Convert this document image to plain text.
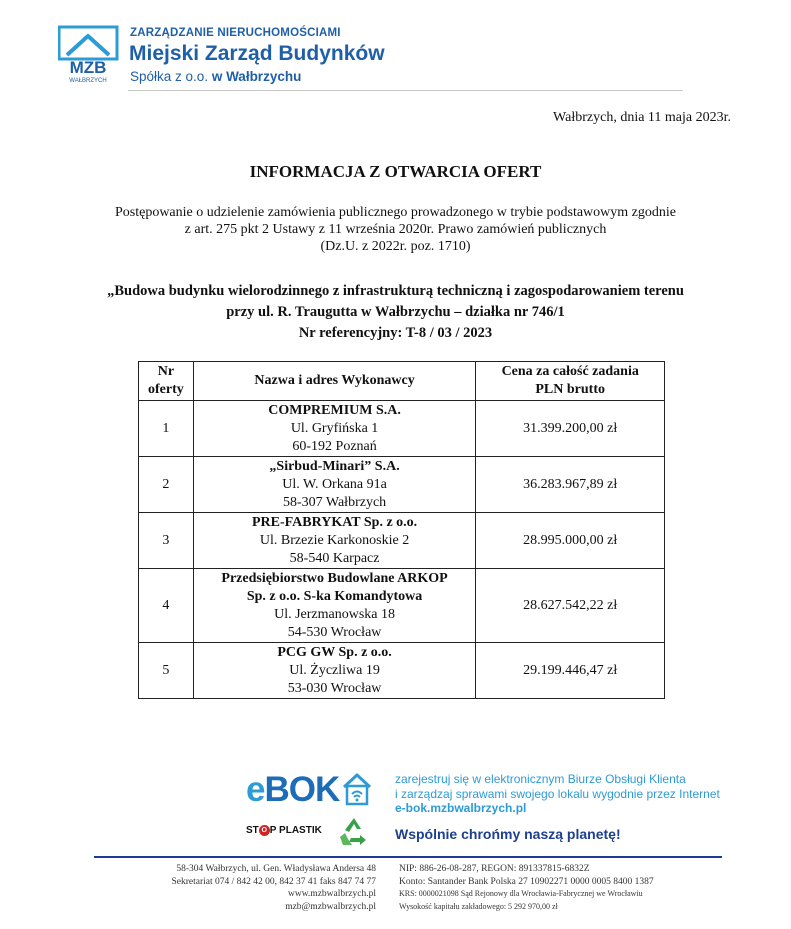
MZB
WAŁBRZYCH
ZARZĄDZANIE NIERUCHOMOŚCIAMI
Miejski Zarząd Budynków
Spółka z o.o. w Wałbrzychu
Wałbrzych, dnia 11 maja 2023r.
INFORMACJA Z OTWARCIA OFERT
Postępowanie o udzielenie zamówienia publicznego prowadzonego w trybie podstawowym zgodnie
z art. 275 pkt 2 Ustawy z 11 września 2020r. Prawo zamówień publicznych
(Dz.U. z 2022r. poz. 1710)
„Budowa budynku wielorodzinnego z infrastrukturą techniczną i zagospodarowaniem terenu
przy ul. R. Traugutta w Wałbrzychu – działka nr 746/1
Nr referencyjny: T-8 / 03 / 2023
Nr
oferty	Nazwa i adres Wykonawcy	Cena za całość zadania
PLN brutto

1	COMPREMIUM S.A.
Ul. Gryfińska 1
60-192 Poznań	31.399.200,00 zł
2	„Sirbud-Minari” S.A.
Ul. W. Orkana 91a
58-307 Wałbrzych	36.283.967,89 zł
3	PRE-FABRYKAT Sp. z o.o.
Ul. Brzezie Karkonoskie 2
58-540 Karpacz	28.995.000,00 zł
4	Przedsiębiorstwo Budowlane ARKOP
Sp. z o.o. S-ka Komandytowa
Ul. Jerzmanowska 18
54-530 Wrocław	28.627.542,22 zł
5	PCG GW Sp. z o.o.
Ul. Życzliwa 19
53-030 Wrocław	29.199.446,47 zł
eBOK	zarejestruj się w elektronicznym Biurze Obsługi Klienta
i zarządzaj sprawami swojego lokalu wygodnie przez Internet
e-bok.mzbwalbrzych.pl
ST O P PLASTIK	Wspólnie chrońmy naszą planetę!
58-304 Wałbrzych, ul. Gen. Władysława Andersa 48
Sekretariat 074 / 842 42 00, 842 37 41 faks 847 74 77
www.mzbwalbrzych.pl
mzb@mzbwalbrzych.pl
NIP: 886-26-08-287, REGON: 891337815-6832Z
Konto: Santander Bank Polska 27 10902271 0000 0005 8400 1387
KRS: 0000021098 Sąd Rejonowy dla Wrocławia-Fabrycznej we Wrocławiu
Wysokość kapitału zakładowego: 5 292 970,00 zł
